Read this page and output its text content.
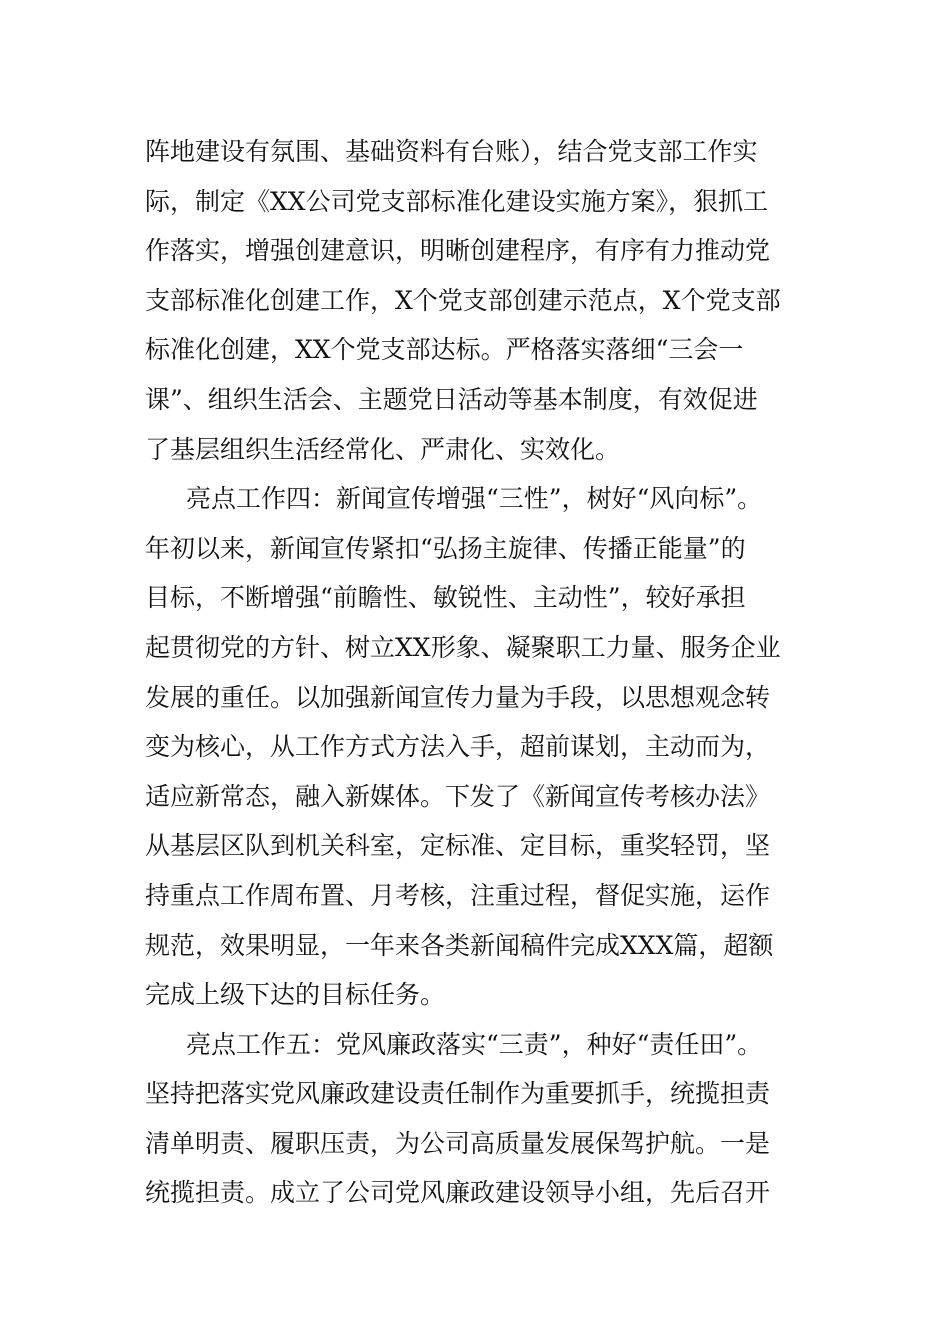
阵地建设有氛围、基础资料有台账），结合党支部工作实
际，制定《XX公司党支部标准化建设实施方案》，狠抓工
作落实，增强创建意识，明晰创建程序，有序有力推动党
支部标准化创建工作，X个党支部创建示范点，X个党支部
标准化创建，XX个党支部达标。严格落实落细“三会一
课”、组织生活会、主题党日活动等基本制度，有效促进
了基层组织生活经常化、严肃化、实效化。
亮点工作四：新闻宣传增强“三性”，树好“风向标”。
年初以来，新闻宣传紧扣“弘扬主旋律、传播正能量”的
目标，不断增强“前瞻性、敏锐性、主动性”，较好承担
起贯彻党的方针、树立XX形象、凝聚职工力量、服务企业
发展的重任。以加强新闻宣传力量为手段，以思想观念转
变为核心，从工作方式方法入手，超前谋划，主动而为，
适应新常态，融入新媒体。下发了《新闻宣传考核办法》
从基层区队到机关科室，定标准、定目标，重奖轻罚，坚
持重点工作周布置、月考核，注重过程，督促实施，运作
规范，效果明显，一年来各类新闻稿件完成XXX篇，超额
完成上级下达的目标任务。
亮点工作五：党风廉政落实“三责”，种好“责任田”。
坚持把落实党风廉政建设责任制作为重要抓手，统揽担责
清单明责、履职压责，为公司高质量发展保驾护航。一是
统揽担责。成立了公司党风廉政建设领导小组，先后召开
